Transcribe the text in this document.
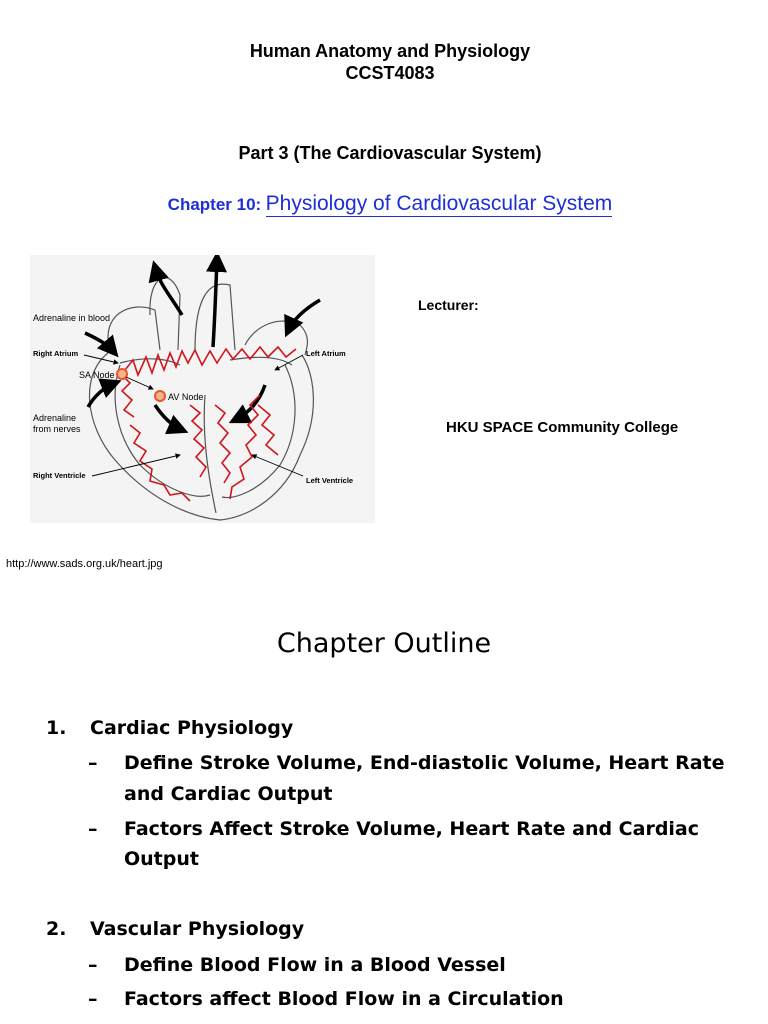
Human Anatomy and Physiology
CCST4083
Part 3 (The Cardiovascular System)
Chapter 10: Physiology of Cardiovascular System
Adrenaline in blood
Right Atrium
SA Node
AV Node
Adrenaline
from nerves
Right Ventricle
Left Atrium
Left Ventricle
Lecturer:
HKU SPACE Community College
http://www.sads.org.uk/heart.jpg
Chapter Outline
1. Cardiac Physiology
– Define Stroke Volume, End-diastolic Volume, Heart Rate
and Cardiac Output
– Factors Affect Stroke Volume, Heart Rate and Cardiac
Output
2. Vascular Physiology
– Define Blood Flow in a Blood Vessel
– Factors affect Blood Flow in a Circulation
